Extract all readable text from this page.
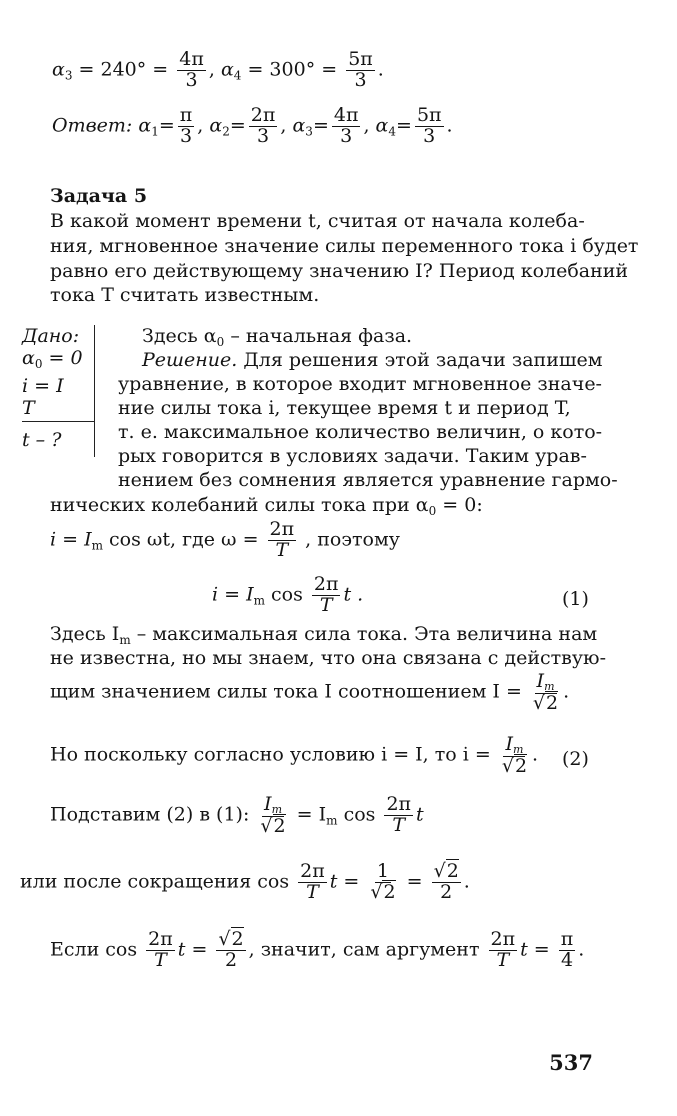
$\alpha_3 = 240^\circ = \frac{4\pi}{3}$ , $\alpha_4 = 300^\circ = \frac{5\pi}{3}$ .
Ответ: $\alpha_1= \frac{\pi}{3}$ , $\alpha_2= \frac{2\pi}{3}$ , $\alpha_3= \frac{4\pi}{3}$ , $\alpha_4= \frac{5\pi}{3}$ .
Задача 5
В какой момент времени t, считая от начала колеба-
ния, мгновенное значение силы переменного тока i будет
равно его действующему значению I? Период колебаний
тока T считать известным.
Дано:
$\alpha_0 = 0$
i = I
T
t – ?
Здесь $\alpha_0$ – начальная фаза.
Решение. Для решения этой задачи запишем
уравнение, в которое входит мгновенное значе-
ние силы тока i, текущее время t и период T,
т. е. максимальное количество величин, о кото-
рых говорится в условиях задачи. Таким урав-
нением без сомнения является уравнение гармо-
нических колебаний силы тока при $\alpha_0 = 0$:
$i = I_m$ cos ωt, где $\omega = \frac{2\pi}{T}$ , поэтому
$i = I_m$ $\cos \frac{2\pi}{T}$ t .	(1)
Здесь $I_m$ – максимальная сила тока. Эта величина нам
не известна, но мы знаем, что она связана с действую-
щим значением силы тока I соотношением $I = \frac{Im}{√2}$ .
Но поскольку согласно условию i = I, то $i = \frac{Im}{√2}$ . (2)
Подставим (2) в (1): $\frac{Im}{√2} = I_m$ $\cos \frac{2\pi}{T}$ t
или после сокращения $\cos \frac{2\pi}{T}$ $t = \frac{1}{√2} = \frac{√2}{2}$ .
Если $\cos \frac{2\pi}{T}$ $t = \frac{√2}{2}$ , значит, сам аргумент $\frac{2\pi}{T}$ $t = \frac{\pi}{4}$ .
537
